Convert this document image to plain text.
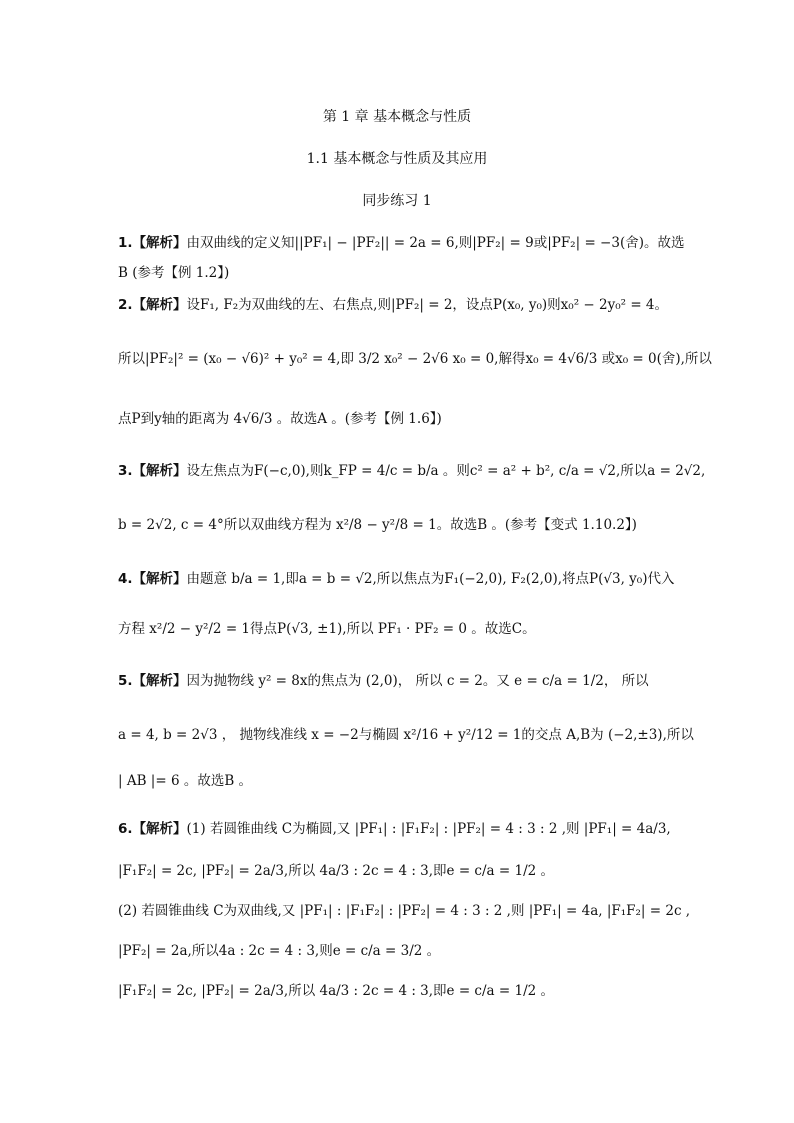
第 1 章 基本概念与性质
1.1 基本概念与性质及其应用
同步练习 1
1.【解析】由双曲线的定义知||PF₁| − |PF₂|| = 2a = 6,则|PF₂| = 9或|PF₂| = −3(舍)。故选
B (参考【例 1.2】)
2.【解析】设F₁, F₂为双曲线的左、右焦点,则|PF₂| = 2，设点P(x₀, y₀)则x₀² − 2y₀² = 4。
所以|PF₂|² = (x₀ − √6)² + y₀² = 4,即 3/2 x₀² − 2√6 x₀ = 0,解得x₀ = 4√6/3 或x₀ = 0(舍),所以
点P到y轴的距离为 4√6/3 。故选A 。(参考【例 1.6】)
3.【解析】设左焦点为F(−c,0),则k_FP = 4/c = b/a 。则c² = a² + b², c/a = √2,所以a = 2√2,
b = 2√2, c = 4°所以双曲线方程为 x²/8 − y²/8 = 1。故选B 。(参考【变式 1.10.2】)
4.【解析】由题意 b/a = 1,即a = b = √2,所以焦点为F₁(−2,0), F₂(2,0),将点P(√3, y₀)代入
方程 x²/2 − y²/2 = 1得点P(√3, ±1),所以 PF₁ · PF₂ = 0 。故选C。
5.【解析】因为抛物线 y² = 8x的焦点为 (2,0)， 所以 c = 2。又 e = c/a = 1/2， 所以
a = 4, b = 2√3 ， 抛物线准线 x = −2与椭圆 x²/16 + y²/12 = 1的交点 A,B为 (−2,±3),所以
| AB |= 6 。故选B 。
6.【解析】(1) 若圆锥曲线 C为椭圆,又 |PF₁| : |F₁F₂| : |PF₂| = 4 : 3 : 2 ,则 |PF₁| = 4a/3,
|F₁F₂| = 2c, |PF₂| = 2a/3,所以 4a/3 : 2c = 4 : 3,即e = c/a = 1/2 。
(2) 若圆锥曲线 C为双曲线,又 |PF₁| : |F₁F₂| : |PF₂| = 4 : 3 : 2 ,则 |PF₁| = 4a, |F₁F₂| = 2c ,
|PF₂| = 2a,所以4a : 2c = 4 : 3,则e = c/a = 3/2 。
|F₁F₂| = 2c, |PF₂| = 2a/3,所以 4a/3 : 2c = 4 : 3,即e = c/a = 1/2 。
